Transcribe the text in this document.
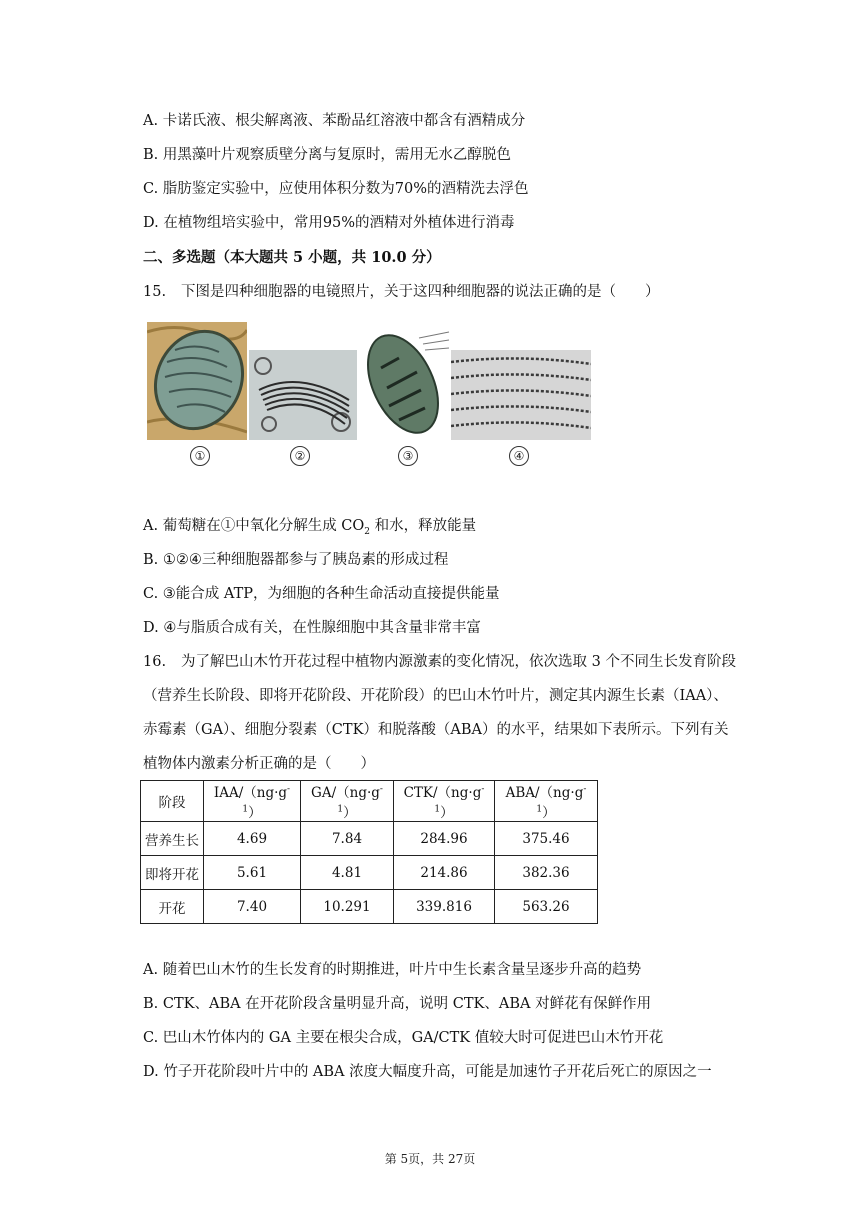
A. 卡诺氏液、根尖解离液、苯酚品红溶液中都含有酒精成分
B. 用黑藻叶片观察质壁分离与复原时，需用无水乙醇脱色
C. 脂肪鉴定实验中，应使用体积分数为70%的酒精洗去浮色
D. 在植物组培实验中，常用95%的酒精对外植体进行消毒
二、多选题（本大题共 5 小题，共 10.0 分）
15. 下图是四种细胞器的电镜照片，关于这四种细胞器的说法正确的是（　　）
①	②	③	④
A. 葡萄糖在①中氧化分解生成 $CO_2$ 和水，释放能量
B. ①②④三种细胞器都参与了胰岛素的形成过程
C. ③能合成 ATP，为细胞的各种生命活动直接提供能量
D. ④与脂质合成有关，在性腺细胞中其含量非常丰富
16. 为了解巴山木竹开花过程中植物内源激素的变化情况，依次选取 3 个不同生长发育阶段
（营养生长阶段、即将开花阶段、开花阶段）的巴山木竹叶片，测定其内源生长素（IAA）、
赤霉素（GA）、细胞分裂素（CTK）和脱落酸（ABA）的水平，结果如下表所示。下列有关
植物体内激素分析正确的是（　　）
阶段	IAA/$(ng\cdot g^{-1})$	$GA/(ng\cdot g^{-1})$	CTK/$(ng\cdot g^{-1})$	ABA/$(ng\cdot g^{-1})$
营养生长	4.69	7.84	284.96	375.46
即将开花	5.61	4.81	214.86	382.36
开花	7.40	10.291	339.816	563.26
A. 随着巴山木竹的生长发育的时期推进，叶片中生长素含量呈逐步升高的趋势
B. CTK、ABA 在开花阶段含量明显升高，说明 CTK、ABA 对鲜花有保鲜作用
C. 巴山木竹体内的 GA 主要在根尖合成，GA/CTK 值较大时可促进巴山木竹开花
D. 竹子开花阶段叶片中的 ABA 浓度大幅度升高，可能是加速竹子开花后死亡的原因之一
第 5页，共 27页
